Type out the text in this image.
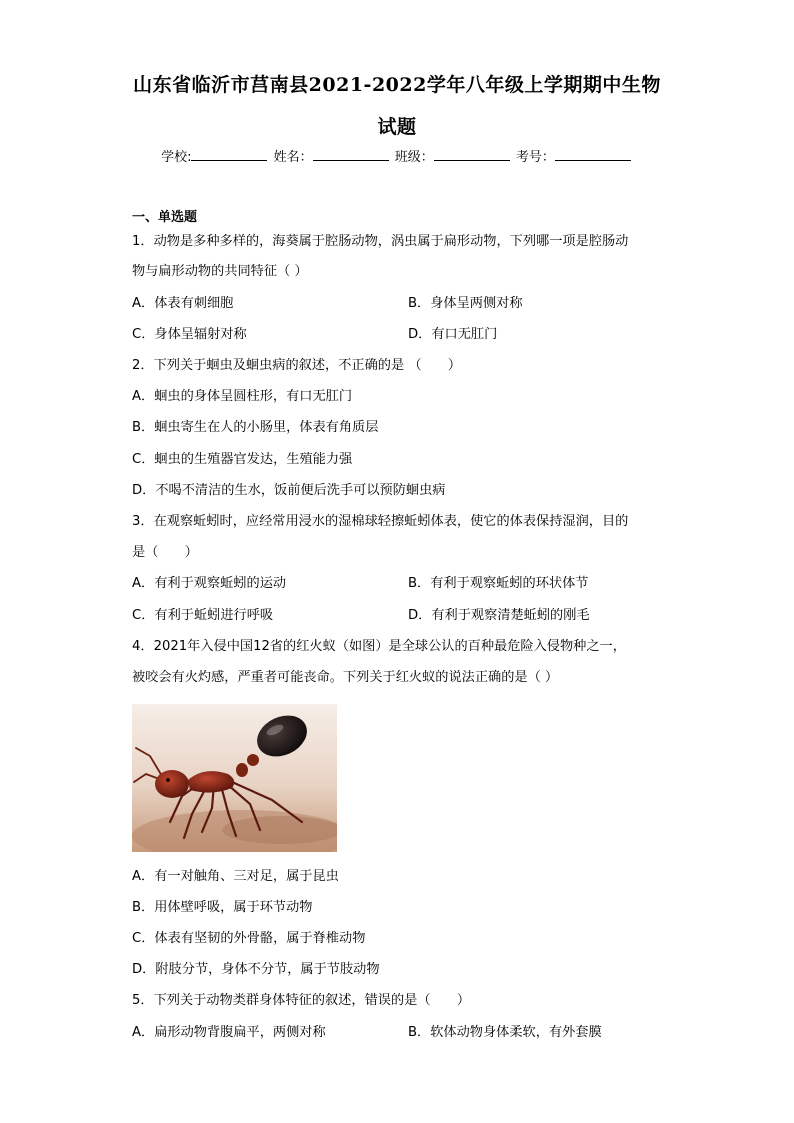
山东省临沂市莒南县2021-2022学年八年级上学期期中生物
试题
学校:	姓名：	班级：	考号：
一、单选题
1．动物是多种多样的，海葵属于腔肠动物，涡虫属于扁形动物，下列哪一项是腔肠动
物与扁形动物的共同特征（ ）
A．体表有刺细胞	B．身体呈两侧对称
C．身体呈辐射对称	D．有口无肛门
2．下列关于蛔虫及蛔虫病的叙述，不正确的是 （　　）
A．蛔虫的身体呈圆柱形，有口无肛门
B．蛔虫寄生在人的小肠里，体表有角质层
C．蛔虫的生殖器官发达，生殖能力强
D．不喝不清洁的生水，饭前便后洗手可以预防蛔虫病
3．在观察蚯蚓时，应经常用浸水的湿棉球轻擦蚯蚓体表，使它的体表保持湿润，目的
是（　　）
A．有利于观察蚯蚓的运动	B．有利于观察蚯蚓的环状体节
C．有利于蚯蚓进行呼吸	D．有利于观察清楚蚯蚓的刚毛
4．2021年入侵中国12省的红火蚁（如图）是全球公认的百种最危险入侵物种之一，
被咬会有火灼感，严重者可能丧命。下列关于红火蚁的说法正确的是（ ）
A．有一对触角、三对足，属于昆虫
B．用体壁呼吸，属于环节动物
C．体表有坚韧的外骨骼，属于脊椎动物
D．附肢分节，身体不分节，属于节肢动物
5．下列关于动物类群身体特征的叙述，错误的是（　　）
A．扁形动物背腹扁平，两侧对称	B．软体动物身体柔软，有外套膜
